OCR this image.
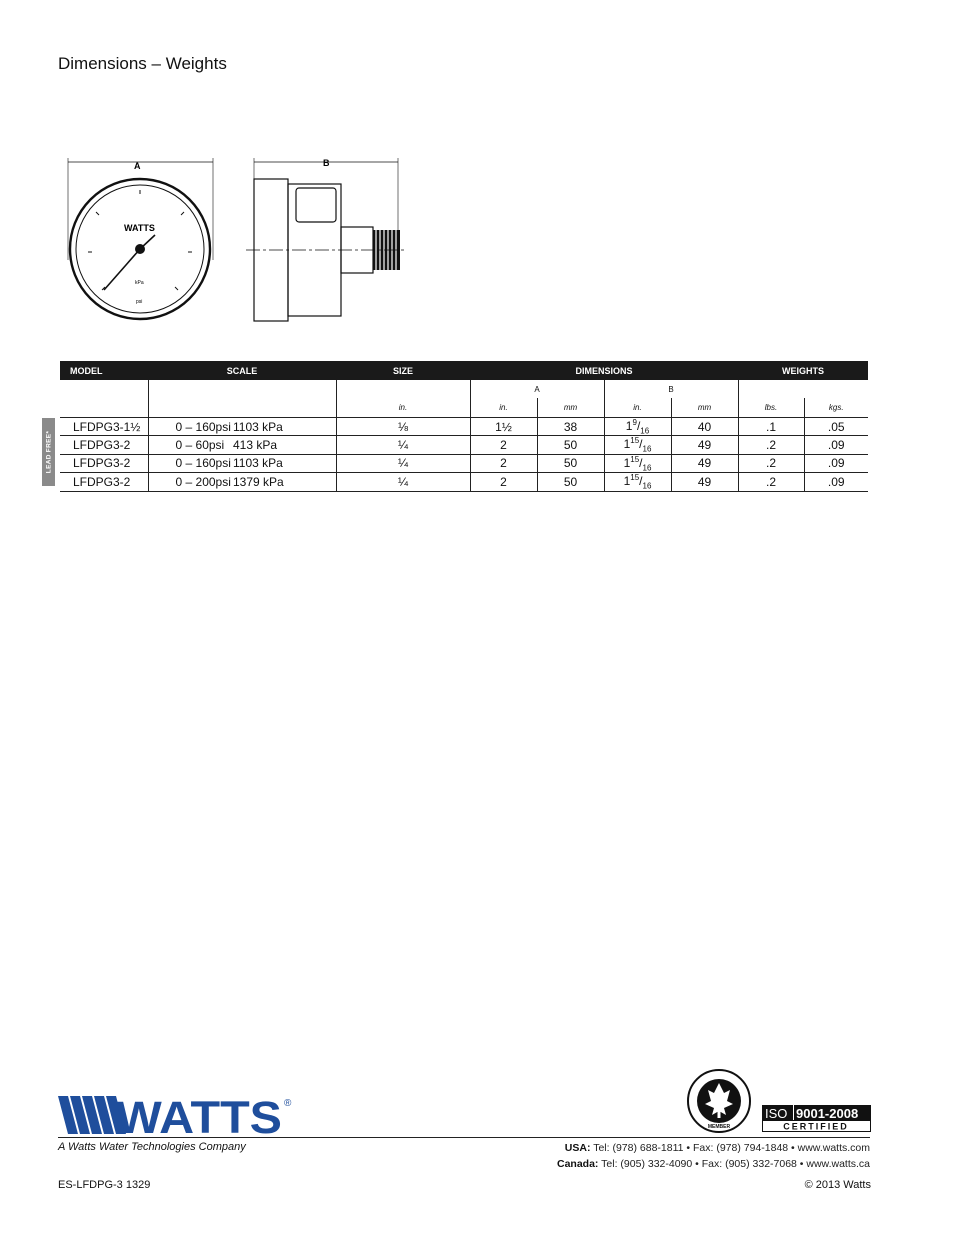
Dimensions – Weights
A
WATTS
kPa
psi
B
LEAD FREE*
MODEL	SCALE		SIZE	DIMENSIONS				WEIGHTS	
				A		B			
			in.	in.	mm	in.	mm	lbs.	kgs.
LFDPG3-1½	0 – 160psi	1103 kPa	⅛	1½	38	$1^9/_{16}$	40	.1	.05
LFDPG3-2	0 – 60psi	413 kPa	¼	2	50	$1^{15}/_{16}$	49	.2	.09
LFDPG3-2	0 – 160psi	1103 kPa	¼	2	50	$1^{15}/_{16}$	49	.2	.09
LFDPG3-2	0 – 200psi	1379 kPa	¼	2	50	$1^{15}/_{16}$	49	.2	.09
WATTS ®
A Watts Water Technologies Company	USA: Tel: (978) 688-1811 • Fax: (978) 794-1848 • www.watts.com
Canada: Tel: (905) 332-4090 • Fax: (905) 332-7068 • www.watts.ca
ES-LFDPG-3 1329	© 2013 Watts
MEMBER
ISO 9001-2008
CERTIFIED
